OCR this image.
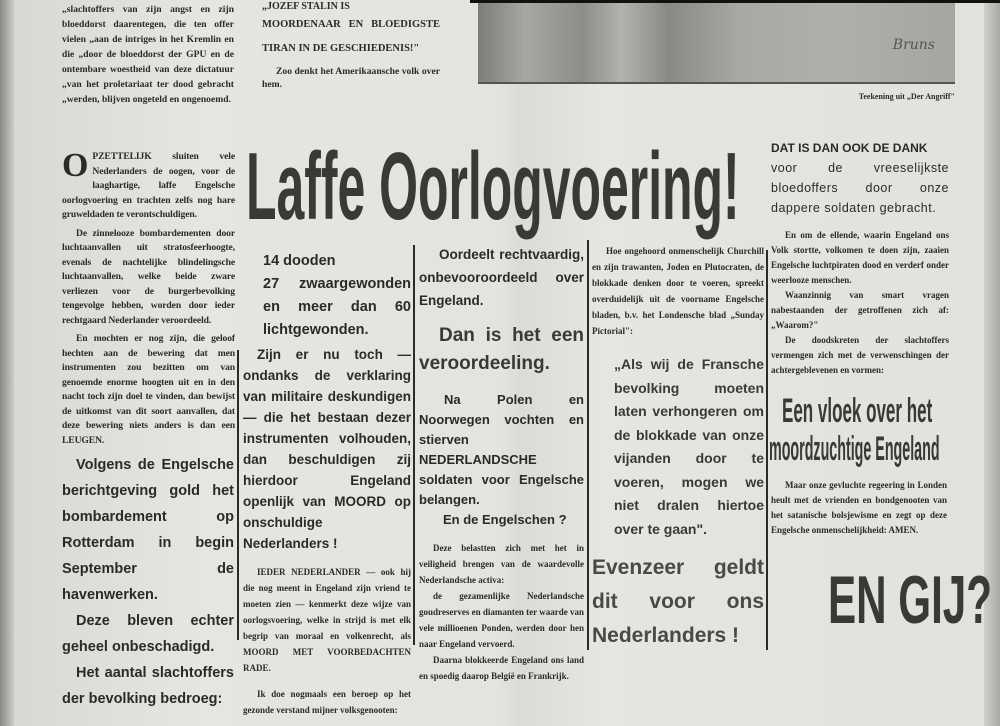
„slachtoffers van zijn angst en zijn bloeddorst daarentegen, die ten offer vielen „aan de intriges in het Kremlin en die „door de bloeddorst der GPU en de ontembare woestheid van deze dictatuur „van het proletariaat ter dood gebracht „werden, blijven ongeteld en ongenoemd.

„JOZEF STALIN IS

MOORDENAAR EN BLOEDIGSTE TIRAN IN DE GESCHIEDENIS!"

Zoo denkt het Amerikaansche volk over hem.

Bruns
Teekening uit „Der Angriff"
Laffe Oorlogvoering!
O PZETTELIJK sluiten vele Nederlanders de oogen, voor de laaghartige, laffe Engelsche oorlogvoering en trachten zelfs nog hare gruweldaden te verontschuldigen.

De zinnelooze bombardementen door luchtaanvallen uit stratosfeerhoogte, evenals de nachtelijke blindelingsche luchtaanvallen, welke beide zware verliezen voor de burgerbevolking tengevolge hebben, worden door ieder rechtgaard Nederlander veroordeeld.

En mochten er nog zijn, die geloof hechten aan de bewering dat men instrumenten zou bezitten om van genoemde enorme hoogten uit en in den nacht toch zijn doel te vinden, dan bewijst de uitkomst van dit soort aanvallen, dat deze bewering niets anders is dan een LEUGEN.

Volgens de Engelsche berichtgeving gold het bombardement op Rotterdam in begin September de havenwerken.

Deze bleven echter geheel onbeschadigd.

Het aantal slachtoffers der bevolking bedroeg:

14 dooden

27 zwaargewonden en meer dan 60 lichtgewonden.

Zijn er nu toch — ondanks de verklaring van militaire deskundigen — die het bestaan dezer instrumenten volhouden, dan beschuldigen zij hierdoor Engeland openlijk van MOORD op onschuldige Nederlanders !

IEDER NEDERLANDER — ook hij die nog meent in Engeland zijn vriend te moeten zien — kenmerkt deze wijze van oorlogsvoering, welke in strijd is met elk begrip van moraal en volkenrecht, als MOORD MET VOORBEDACHTEN RADE.

Ik doe nogmaals een beroep op het gezonde verstand mijner volksgenooten:

Oordeelt rechtvaardig, onbevooroordeeld over Engeland.

Dan is het een veroordeeling.

Na Polen en Noorwegen vochten en stierven NEDERLANDSCHE soldaten voor Engelsche belangen.

En de Engelschen ?

Deze belastten zich met het in veiligheid brengen van de waardevolle Nederlandsche activa:

de gezamenlijke Nederlandsche goudreserves en diamanten ter waarde van vele millioenen Ponden, werden door hen naar Engeland vervoerd.

Daarna blokkeerde Engeland ons land en spoedig daarop België en Frankrijk.

Hoe ongehoord onmenschelijk Churchill en zijn trawanten, Joden en Plutocraten, de blokkade denken door te voeren, spreekt overduidelijk uit de voorname Engelsche bladen, b.v. het Londensche blad „Sunday Pictorial":

„Als wij de Fransche bevolking moeten laten verhongeren om de blokkade van onze vijanden door te voeren, mogen we niet dralen hiertoe over te gaan".

Evenzeer geldt dit voor ons Nederlanders !

DAT IS DAN OOK DE DANK

voor de vreeselijkste bloedoffers door onze dappere soldaten gebracht.

En om de ellende, waarin Engeland ons Volk stortte, volkomen te doen zijn, zaaien Engelsche luchtpiraten dood en verderf onder weerlooze menschen.

Waanzinnig van smart vragen nabestaanden der getroffenen zich af: „Waarom?"

De doodskreten der slachtoffers vermengen zich met de verwenschingen der achtergeblevenen en vormen:

Een vloek over het
moordzuchtige Engeland
Maar onze gevluchte regeering in Londen heult met de vrienden en bondgenooten van het satanische bolsjewisme en zegt op deze Engelsche onmenschelijkheid: AMEN.
EN GIJ?
